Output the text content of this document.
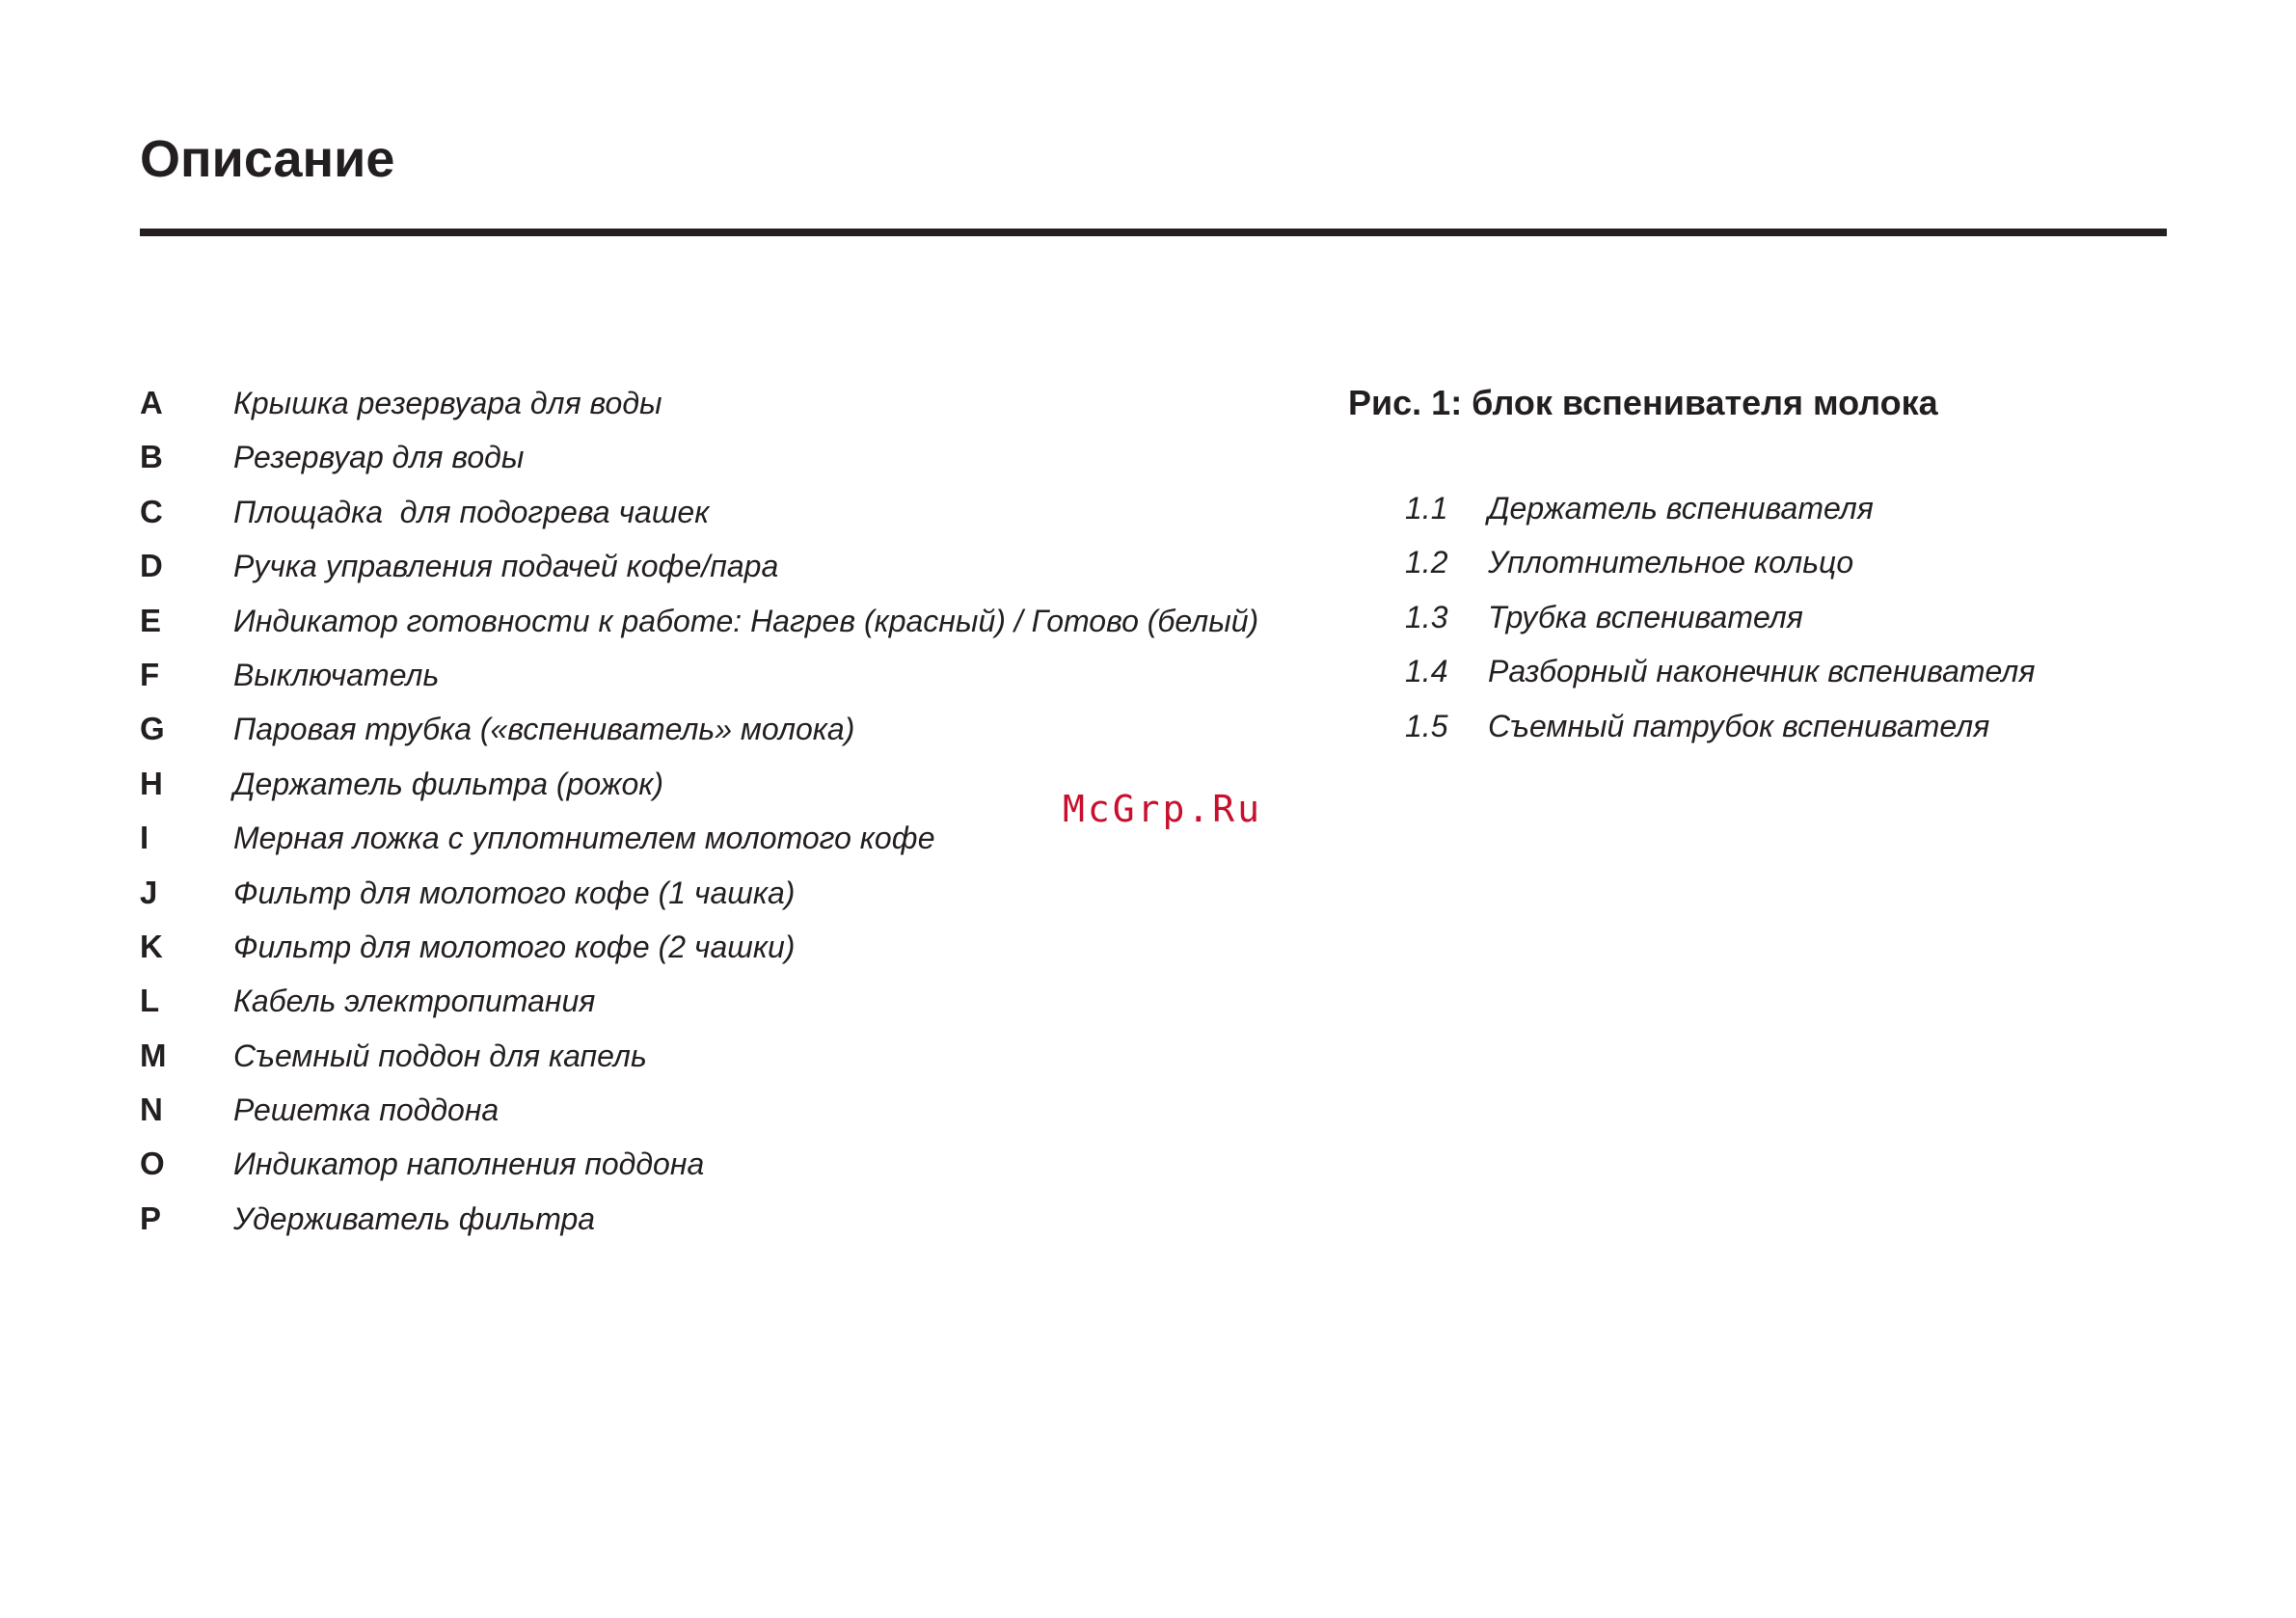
Описание
A	Крышка резервуара для воды
B	Резервуар для воды
C	Площадка  для подогрева чашек
D	Ручка управления подачей кофе/пара
E	Индикатор готовности к работе: Нагрев (красный) / Готово (белый)
F	Выключатель
G	Паровая трубка («вспениватель» молока)
H	Держатель фильтра (рожок)
I	Мерная ложка с уплотнителем молотого кофе
J	Фильтр для молотого кофе (1 чашка)
K	Фильтр для молотого кофе (2 чашки)
L	Кабель электропитания
M	Съемный поддон для капель
N	Решетка поддона
O	Индикатор наполнения поддона
P	Удерживатель фильтра
Рис. 1: блок вспенивателя молока
1.1	Держатель вспенивателя
1.2	Уплотнительное кольцо
1.3	Трубка вспенивателя
1.4	Разборный наконечник вспенивателя
1.5	Съемный патрубок вспенивателя
McGrp.Ru
